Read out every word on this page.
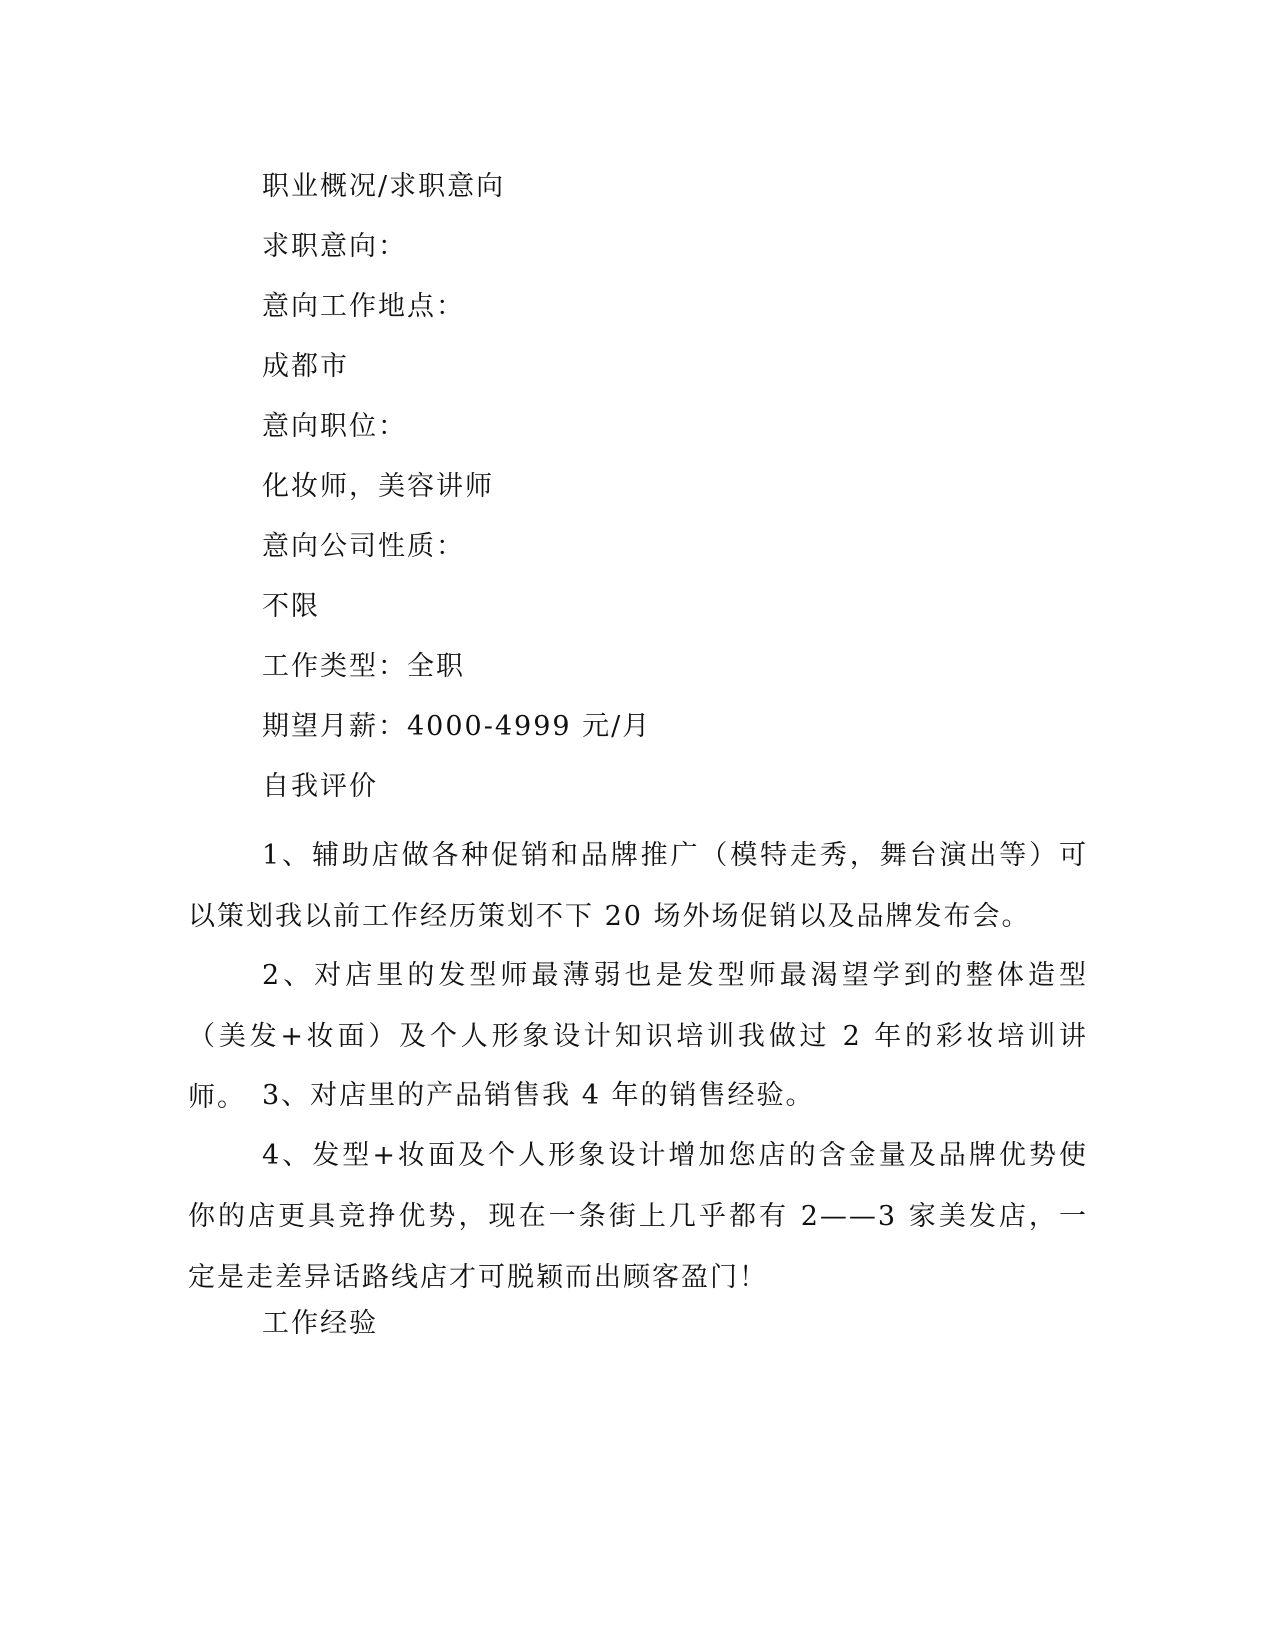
职业概况/求职意向
求职意向：
意向工作地点：
成都市
意向职位：
化妆师，美容讲师
意向公司性质：
不限
工作类型：全职
期望月薪：4000-4999 元/月
自我评价
1、辅助店做各种促销和品牌推广（模特走秀，舞台演出等）可以策划我以前工作经历策划不下 20 场外场促销以及品牌发布会。
2、对店里的发型师最薄弱也是发型师最渴望学到的整体造型（美发+妆面）及个人形象设计知识培训我做过 2 年的彩妆培训讲师。 3、对店里的产品销售我 4 年的销售经验。
4、发型+妆面及个人形象设计增加您店的含金量及品牌优势使你的店更具竞挣优势，现在一条街上几乎都有 2——3 家美发店，一定是走差异话路线店才可脱颖而出顾客盈门！
工作经验
